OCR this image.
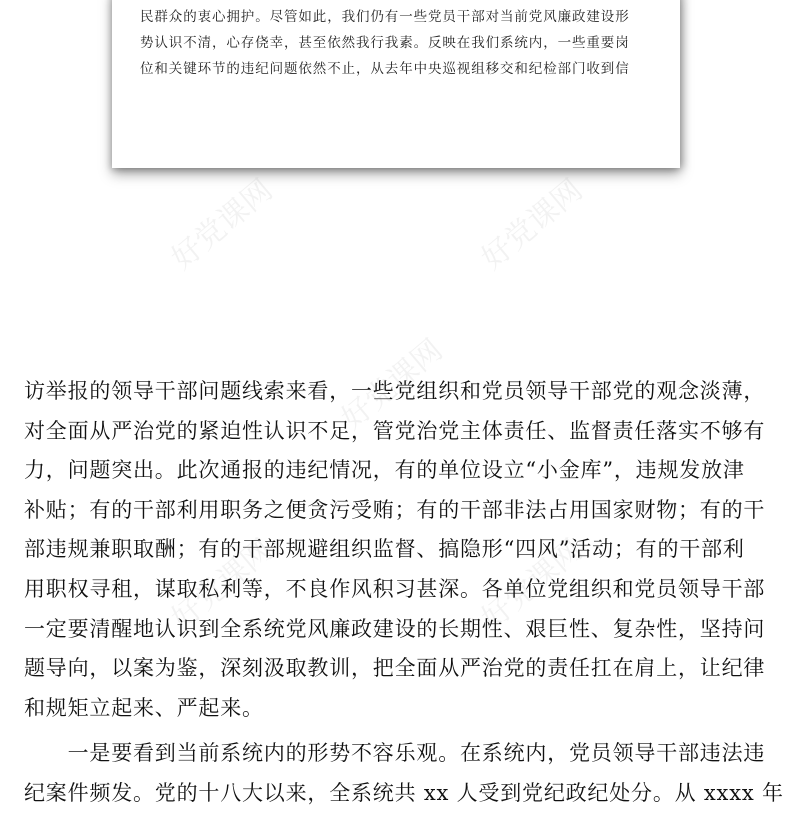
民群众的衷心拥护。尽管如此，我们仍有一些党员干部对当前党风廉政建设形
势认识不清，心存侥幸，甚至依然我行我素。反映在我们系统内，一些重要岗
位和关键环节的违纪问题依然不止，从去年中央巡视组移交和纪检部门收到信
好党课网	好党课网
好党课网
好党课网	好党课网
访举报的领导干部问题线索来看，一些党组织和党员领导干部党的观念淡薄，
对全面从严治党的紧迫性认识不足，管党治党主体责任、监督责任落实不够有
力，问题突出。此次通报的违纪情况，有的单位设立“小金库”，违规发放津
补贴；有的干部利用职务之便贪污受贿；有的干部非法占用国家财物；有的干
部违规兼职取酬；有的干部规避组织监督、搞隐形“四风”活动；有的干部利
用职权寻租，谋取私利等，不良作风积习甚深。各单位党组织和党员领导干部
一定要清醒地认识到全系统党风廉政建设的长期性、艰巨性、复杂性，坚持问
题导向，以案为鉴，深刻汲取教训，把全面从严治党的责任扛在肩上，让纪律
和规矩立起来、严起来。
　　一是要看到当前系统内的形势不容乐观。在系统内，党员领导干部违法违
纪案件频发。党的十八大以来，全系统共 xx 人受到党纪政纪处分。从 xxxx 年
